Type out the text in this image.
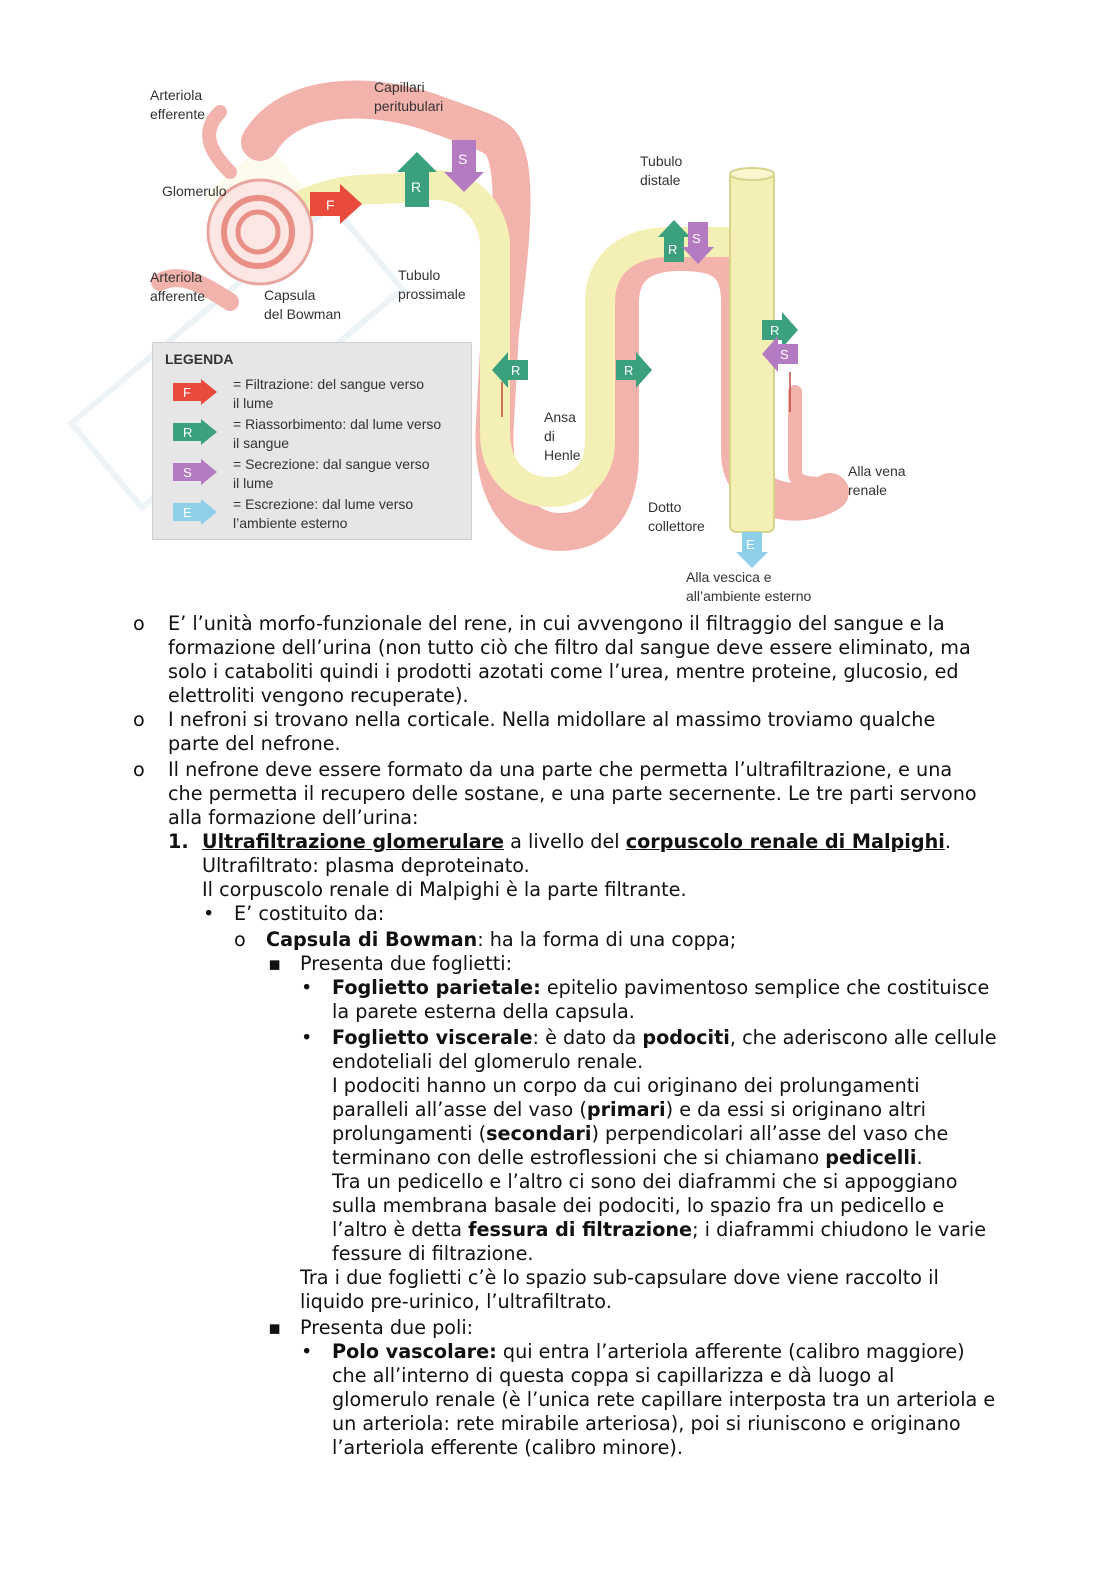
F
R
S
R	R
R
S
R
S
E
Arteriola
efferente
Capillari
peritubulari
Glomerulo
Tubulo
distale
Arteriola
afferente	Capsula
del Bowman
Tubulo
prossimale
Ansa
di
Henle
Alla vena
renale
Dotto
collettore
Alla vescica e
all’ambiente esterno
LEGENDA
F
= Filtrazione: del sangue verso
il lume
R
= Riassorbimento: dal lume verso
il sangue
S
= Secrezione: dal sangue verso
il lume
E
= Escrezione: dal lume verso
l’ambiente esterno
o E’ l’unità morfo-funzionale del rene, in cui avvengono il filtraggio del sangue e la
formazione dell’urina (non tutto ciò che filtro dal sangue deve essere eliminato, ma
solo i cataboliti quindi i prodotti azotati come l’urea, mentre proteine, glucosio, ed
elettroliti vengono recuperate).
o I nefroni si trovano nella corticale. Nella midollare al massimo troviamo qualche
parte del nefrone.
o Il nefrone deve essere formato da una parte che permetta l’ultrafiltrazione, e una
che permetta il recupero delle sostane, e una parte secernente. Le tre parti servono
alla formazione dell’urina:
1. Ultrafiltrazione glomerulare a livello del corpuscolo renale di Malpighi.
Ultrafiltrato: plasma deproteinato.
Il corpuscolo renale di Malpighi è la parte filtrante.
• E’ costituito da:
o Capsula di Bowman: ha la forma di una coppa;
▪ Presenta due foglietti:
• Foglietto parietale: epitelio pavimentoso semplice che costituisce
la parete esterna della capsula.
• Foglietto viscerale: è dato da podociti, che aderiscono alle cellule
endoteliali del glomerulo renale.
I podociti hanno un corpo da cui originano dei prolungamenti
paralleli all’asse del vaso (primari) e da essi si originano altri
prolungamenti (secondari) perpendicolari all’asse del vaso che
terminano con delle estroflessioni che si chiamano pedicelli.
Tra un pedicello e l’altro ci sono dei diaframmi che si appoggiano
sulla membrana basale dei podociti, lo spazio fra un pedicello e
l’altro è detta fessura di filtrazione; i diaframmi chiudono le varie
fessure di filtrazione.
Tra i due foglietti c’è lo spazio sub-capsulare dove viene raccolto il
liquido pre-urinico, l’ultrafiltrato.
▪ Presenta due poli:
• Polo vascolare: qui entra l’arteriola afferente (calibro maggiore)
che all’interno di questa coppa si capillarizza e dà luogo al
glomerulo renale (è l’unica rete capillare interposta tra un arteriola e
un arteriola: rete mirabile arteriosa), poi si riuniscono e originano
l’arteriola efferente (calibro minore).
